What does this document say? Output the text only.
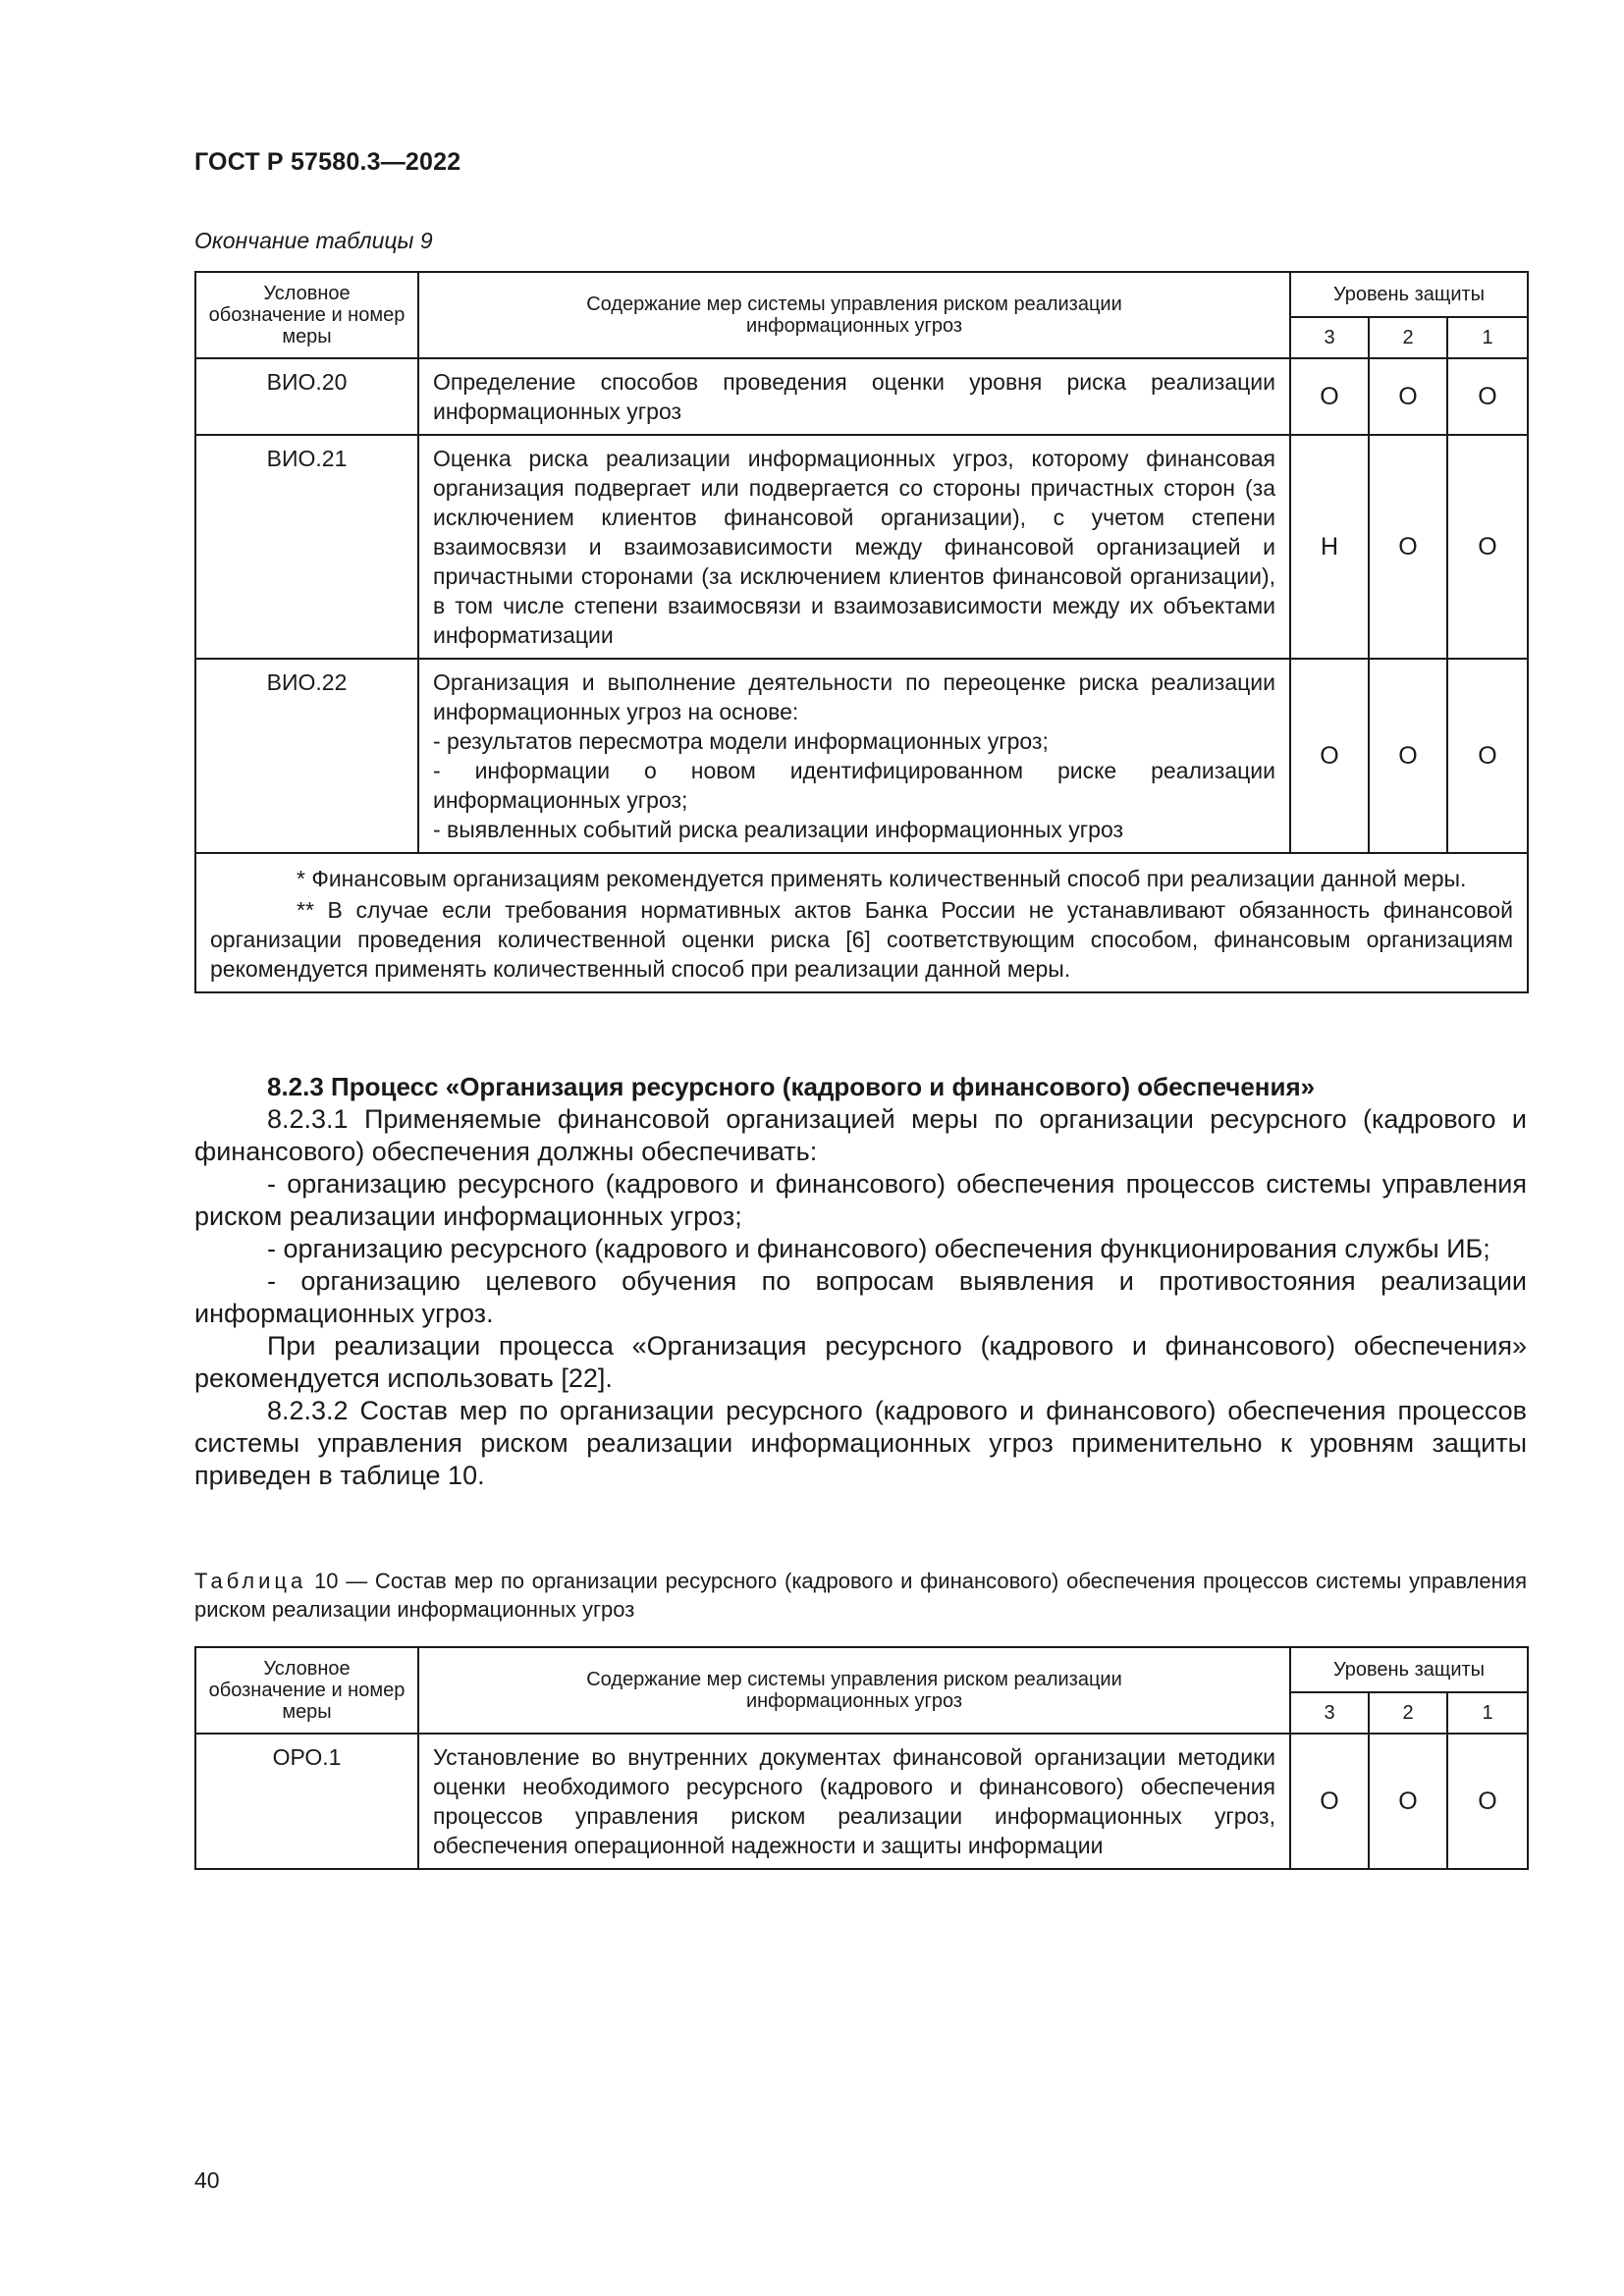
ГОСТ Р 57580.3—2022
Окончание таблицы 9
Условное обозначение и номер меры	Содержание мер системы управления риском реализации информационных угроз	Уровень защиты		
		3	2	1
ВИО.20	Определение способов проведения оценки уровня риска реализации информационных угроз	О	О	О
ВИО.21	Оценка риска реализации информационных угроз, которому финансовая организация подвергает или подвергается со стороны причастных сторон (за исключением клиентов финансовой организации), с учетом степени взаимосвязи и взаимозависимости между финансовой организацией и причастными сторонами (за исключением клиентов финансовой организации), в том числе степени взаимосвязи и взаимозависимости между их объектами информатизации	Н	О	О
ВИО.22	Организация и выполнение деятельности по переоценке риска реализации информационных угроз на основе:
- результатов пересмотра модели информационных угроз;
- информации о новом идентифицированном риске реализации информационных угроз;
- выявленных событий риска реализации информационных угроз	О	О	О

* Финансовым организациям рекомендуется применять количественный способ при реализации данной меры.
** В случае если требования нормативных актов Банка России не устанавливают обязанность финансовой организации проведения количественной оценки риска [6] соответствующим способом, финансовым организациям рекомендуется применять количественный способ при реализации данной меры.				

8.2.3 Процесс «Организация ресурсного (кадрового и финансового) обеспечения»

8.2.3.1 Применяемые финансовой организацией меры по организации ресурсного (кадрового и финансового) обеспечения должны обеспечивать:

- организацию ресурсного (кадрового и финансового) обеспечения процессов системы управления риском реализации информационных угроз;

- организацию ресурсного (кадрового и финансового) обеспечения функционирования службы ИБ;

- организацию целевого обучения по вопросам выявления и противостояния реализации информационных угроз.

При реализации процесса «Организация ресурсного (кадрового и финансового) обеспечения» рекомендуется использовать [22].

8.2.3.2 Состав мер по организации ресурсного (кадрового и финансового) обеспечения процессов системы управления риском реализации информационных угроз применительно к уровням защиты приведен в таблице 10.

Таблица 10 — Состав мер по организации ресурсного (кадрового и финансового) обеспечения процессов системы управления риском реализации информационных угроз
Условное обозначение и номер меры	Содержание мер системы управления риском реализации информационных угроз	Уровень защиты		
		3	2	1
ОРО.1	Установление во внутренних документах финансовой организации методики оценки необходимого ресурсного (кадрового и финансового) обеспечения процессов управления риском реализации информационных угроз, обеспечения операционной надежности и защиты информации	О	О	О
40
